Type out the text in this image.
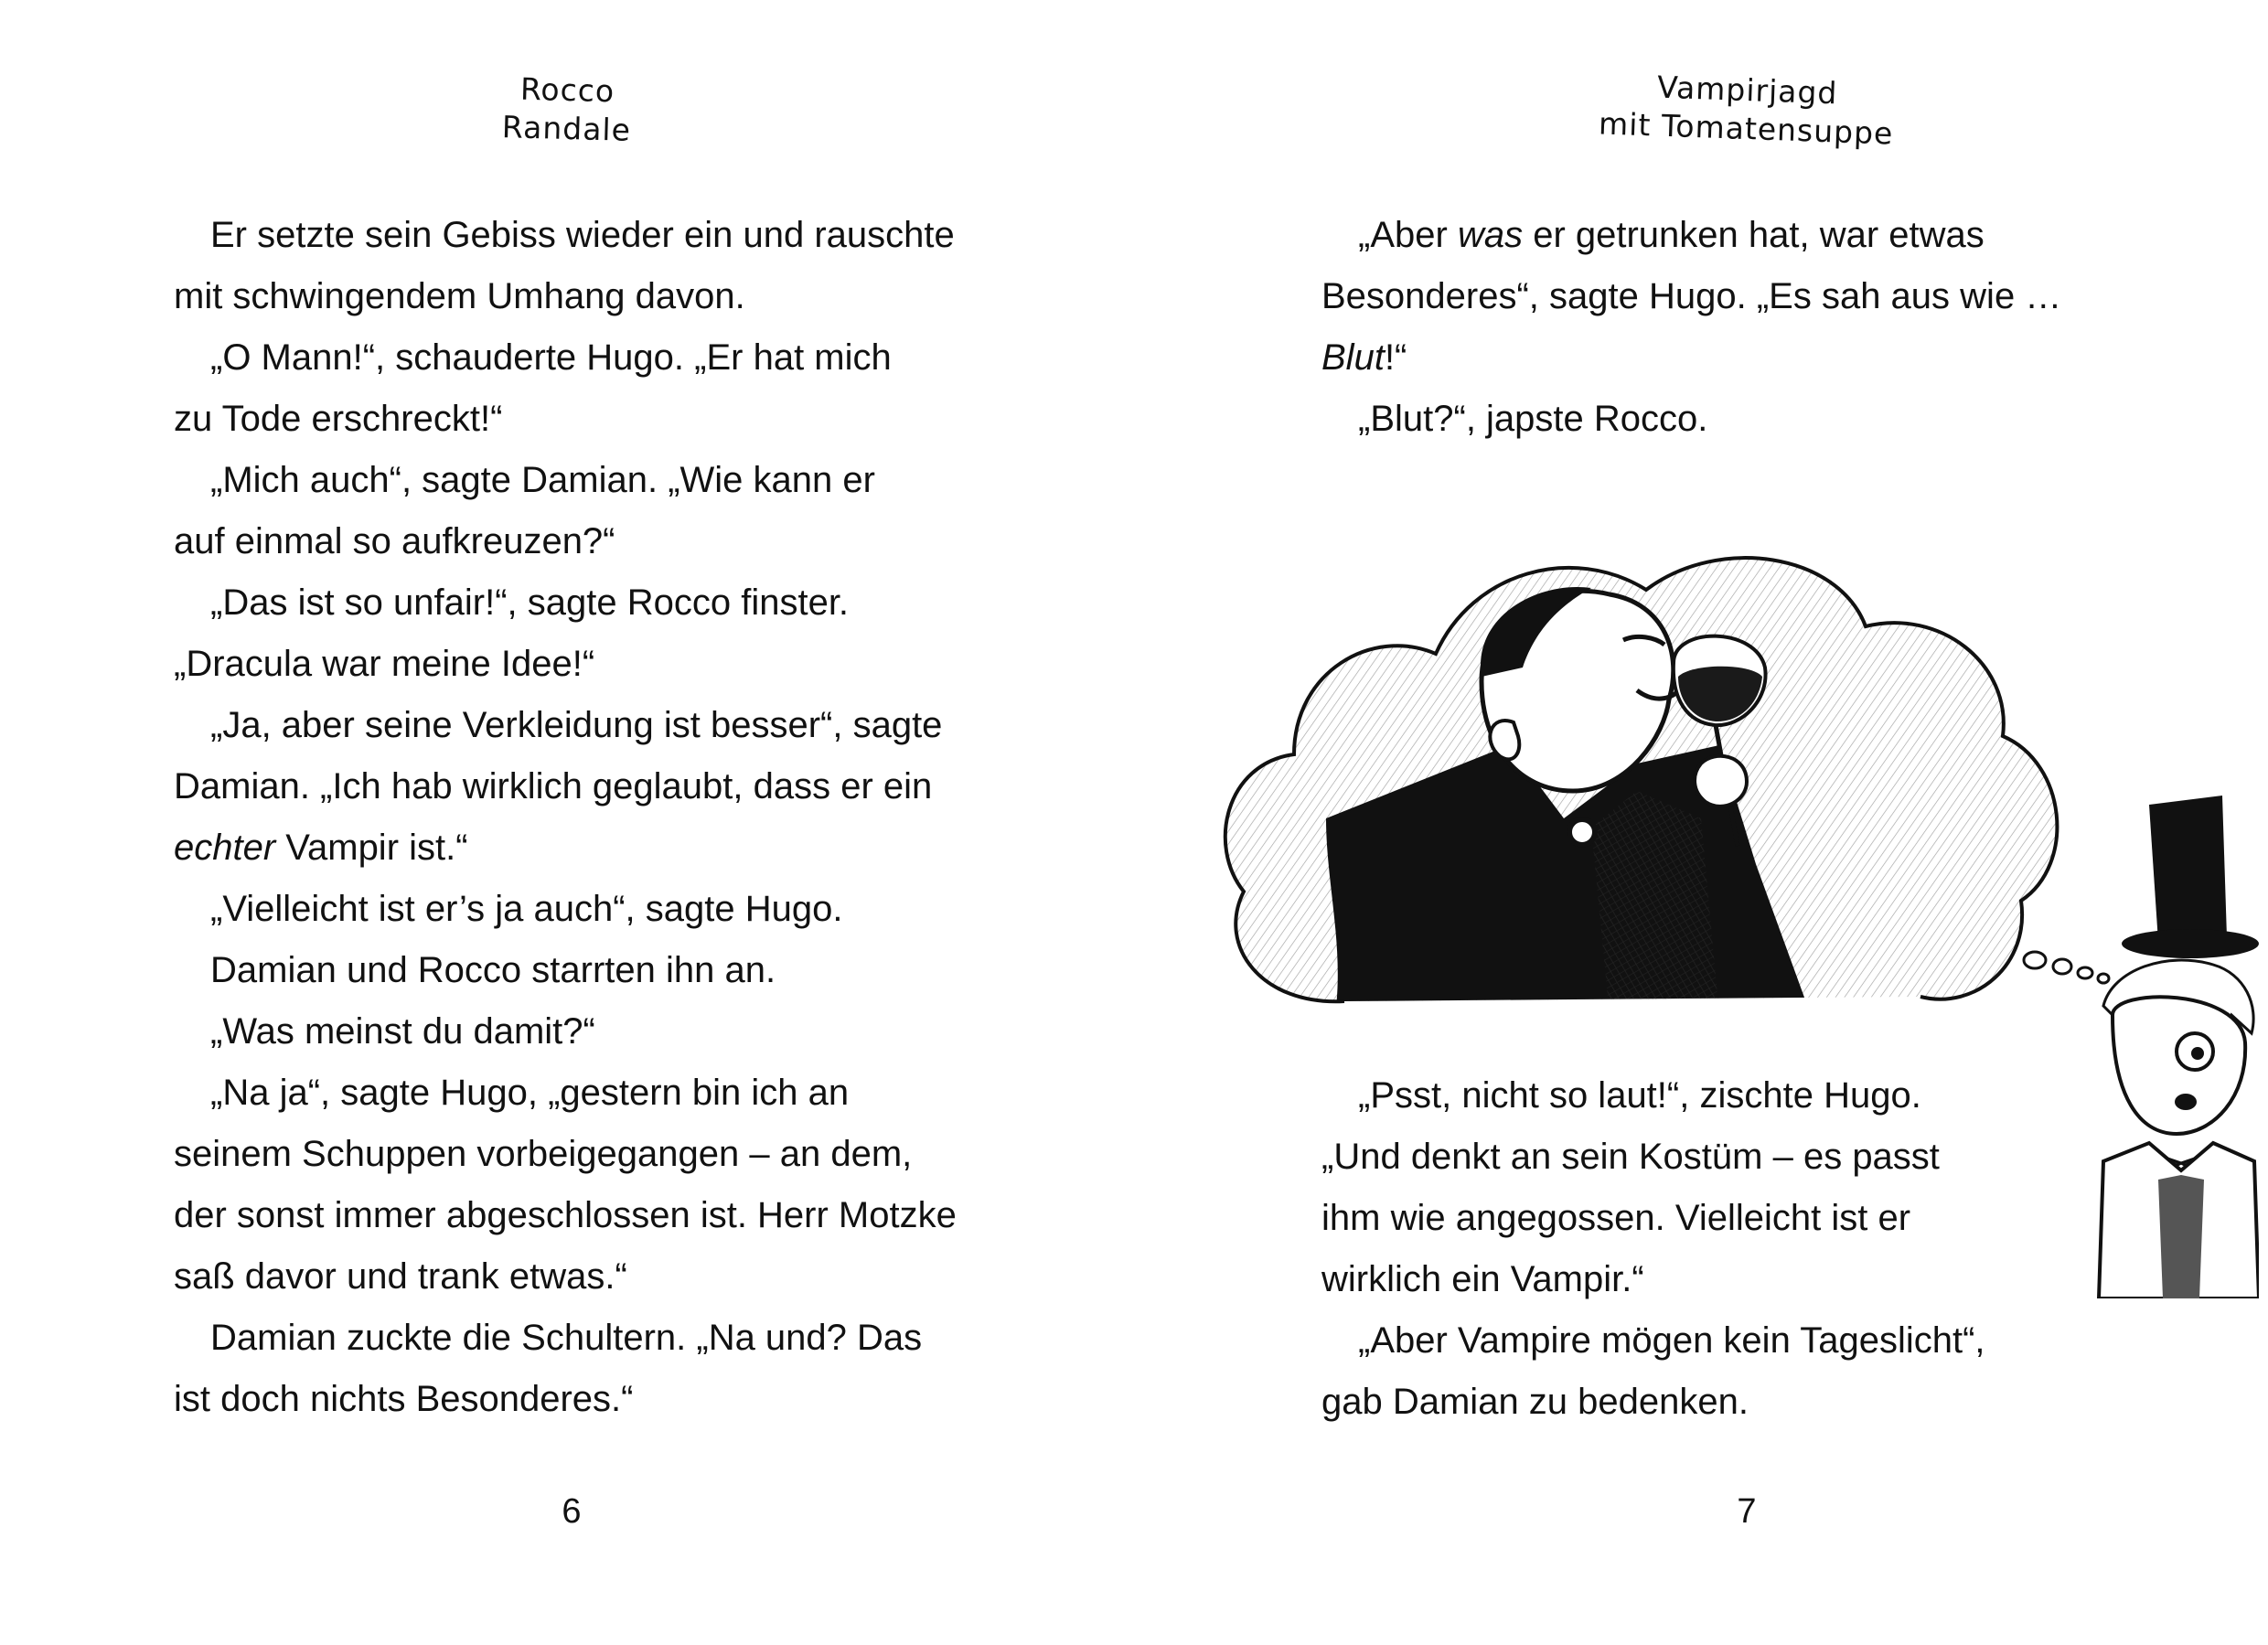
Rocco
Randale
Er setzte sein Gebiss wieder ein und rauschte
mit schwingendem Umhang davon.
„O Mann!“, schauderte Hugo. „Er hat mich
zu Tode erschreckt!“
„Mich auch“, sagte Damian. „Wie kann er
auf einmal so aufkreuzen?“
„Das ist so unfair!“, sagte Rocco finster.
„Dracula war meine Idee!“
„Ja, aber seine Verkleidung ist besser“, sagte
Damian. „Ich hab wirklich geglaubt, dass er ein
echter Vampir ist.“
„Vielleicht ist er’s ja auch“, sagte Hugo.
Damian und Rocco starrten ihn an.
„Was meinst du damit?“
„Na ja“, sagte Hugo, „gestern bin ich an
seinem Schuppen vorbeigegangen – an dem,
der sonst immer abgeschlossen ist. Herr Motzke
saß davor und trank etwas.“
Damian zuckte die Schultern. „Na und? Das
ist doch nichts Besonderes.“
6
Vampirjagd
mit Tomatensuppe
„Aber was er getrunken hat, war etwas
Besonderes“, sagte Hugo. „Es sah aus wie …
Blut!“
„Blut?“, japste Rocco.
„Psst, nicht so laut!“, zischte Hugo.
„Und denkt an sein Kostüm – es passt
ihm wie angegossen. Vielleicht ist er
wirklich ein Vampir.“
„Aber Vampire mögen kein Tageslicht“,
gab Damian zu bedenken.
7
